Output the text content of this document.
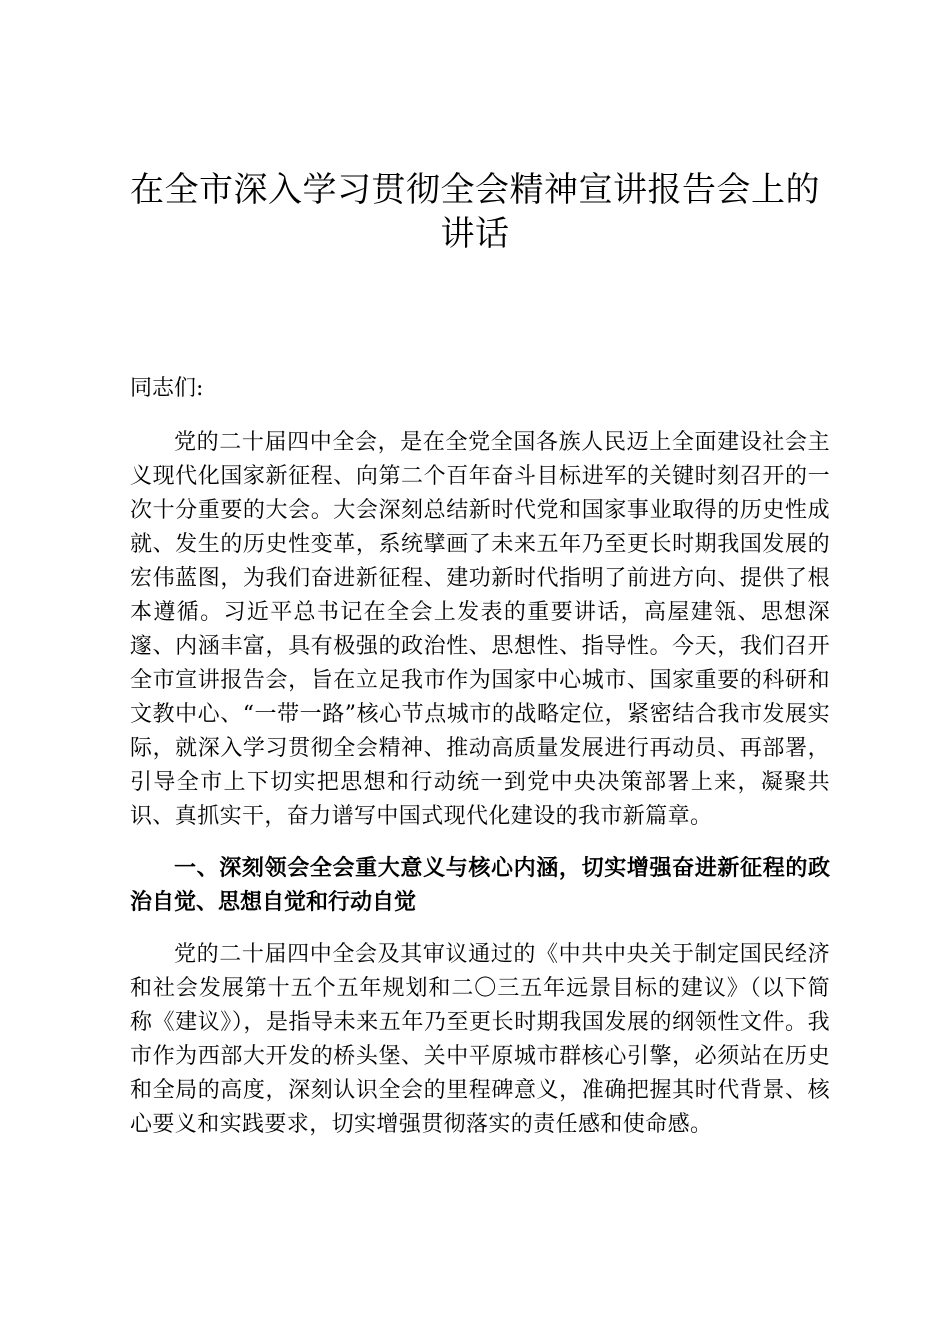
在全市深入学习贯彻全会精神宣讲报告会上的讲话

同志们:

党的二十届四中全会，是在全党全国各族人民迈上全面建设社会主义现代化国家新征程、向第二个百年奋斗目标进军的关键时刻召开的一次十分重要的大会。大会深刻总结新时代党和国家事业取得的历史性成就、发生的历史性变革，系统擘画了未来五年乃至更长时期我国发展的宏伟蓝图，为我们奋进新征程、建功新时代指明了前进方向、提供了根本遵循。习近平总书记在全会上发表的重要讲话，高屋建瓴、思想深邃、内涵丰富，具有极强的政治性、思想性、指导性。今天，我们召开全市宣讲报告会，旨在立足我市作为国家中心城市、国家重要的科研和文教中心、“一带一路”核心节点城市的战略定位，紧密结合我市发展实际，就深入学习贯彻全会精神、推动高质量发展进行再动员、再部署，引导全市上下切实把思想和行动统一到党中央决策部署上来，凝聚共识、真抓实干，奋力谱写中国式现代化建设的我市新篇章。

一、深刻领会全会重大意义与核心内涵，切实增强奋进新征程的政治自觉、思想自觉和行动自觉

党的二十届四中全会及其审议通过的《中共中央关于制定国民经济和社会发展第十五个五年规划和二〇三五年远景目标的建议》（以下简称《建议》），是指导未来五年乃至更长时期我国发展的纲领性文件。我市作为西部大开发的桥头堡、关中平原城市群核心引擎，必须站在历史和全局的高度，深刻认识全会的里程碑意义，准确把握其时代背景、核心要义和实践要求，切实增强贯彻落实的责任感和使命感。
